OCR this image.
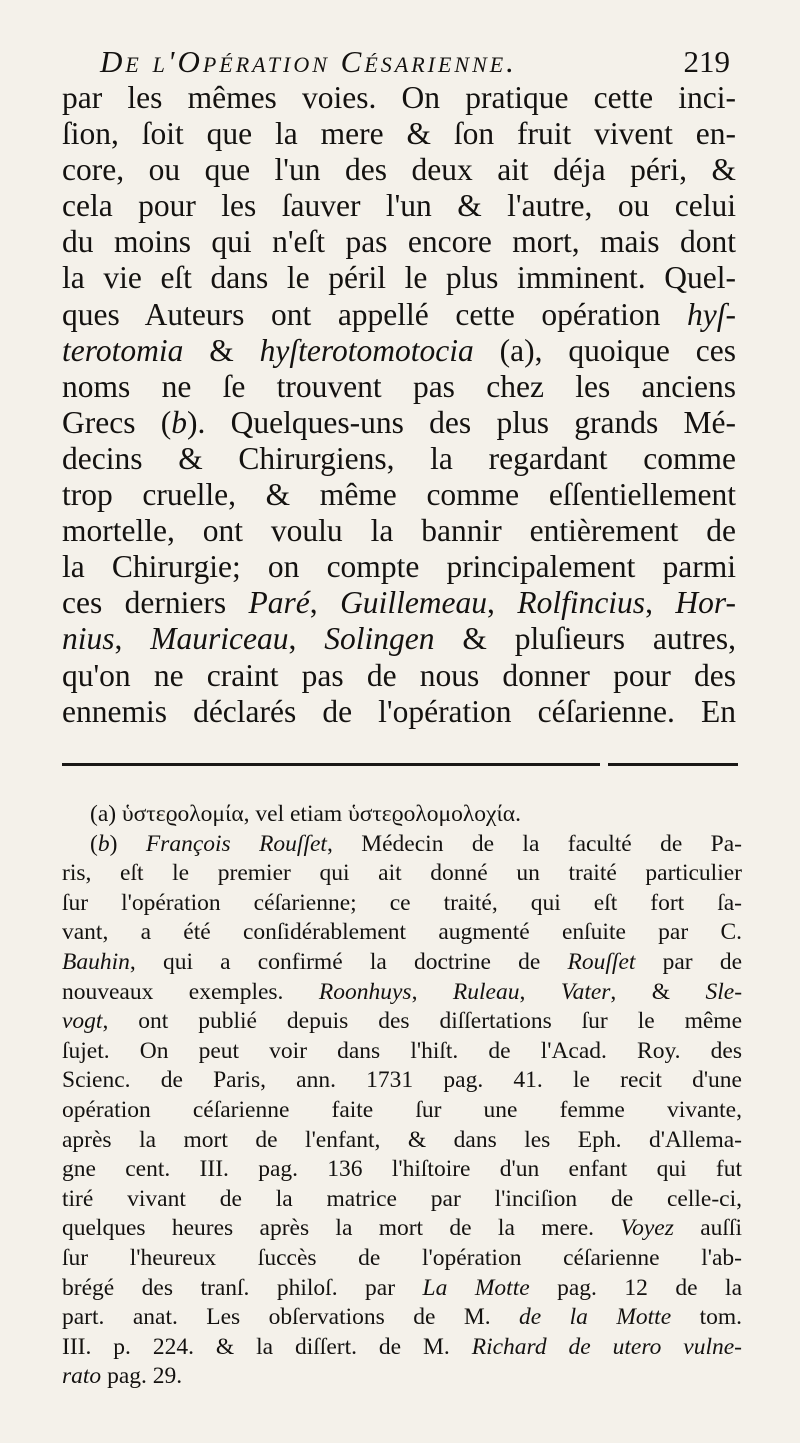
De l'Opération Césarienne.	219
par les mêmes voies. On pratique cette inci-
ſion, ſoit que la mere & ſon fruit vivent en-
core, ou que l'un des deux ait déja péri, &
cela pour les ſauver l'un & l'autre, ou celui
du moins qui n'eſt pas encore mort, mais dont
la vie eſt dans le péril le plus imminent. Quel-
ques Auteurs ont appellé cette opération hyſ-
terotomia & hyſterotomotocia (a), quoique ces
noms ne ſe trouvent pas chez les anciens
Grecs (b). Quelques-uns des plus grands Mé-
decins & Chirurgiens, la regardant comme
trop cruelle, & même comme eſſentiellement
mortelle, ont voulu la bannir entièrement de
la Chirurgie; on compte principalement parmi
ces derniers Paré, Guillemeau, Rolfincius, Hor-
nius, Mauriceau, Solingen & pluſieurs autres,
qu'on ne craint pas de nous donner pour des
ennemis déclarés de l'opération céſarienne. En
(a) ὑστεϱολομία, vel etiam ὑστεϱολομολοχία.
(b) François Rouſſet, Médecin de la faculté de Pa-
ris, eſt le premier qui ait donné un traité particulier
ſur l'opération céſarienne; ce traité, qui eſt fort ſa-
vant, a été conſidérablement augmenté enſuite par C.
Bauhin, qui a confirmé la doctrine de Rouſſet par de
nouveaux exemples. Roonhuys, Ruleau, Vater, & Sle-
vogt, ont publié depuis des diſſertations ſur le même
ſujet. On peut voir dans l'hiſt. de l'Acad. Roy. des
Scienc. de Paris, ann. 1731 pag. 41. le recit d'une
opération céſarienne faite ſur une femme vivante,
après la mort de l'enfant, & dans les Eph. d'Allema-
gne cent. III. pag. 136 l'hiſtoire d'un enfant qui fut
tiré vivant de la matrice par l'inciſion de celle-ci,
quelques heures après la mort de la mere. Voyez auſſi
ſur l'heureux ſuccès de l'opération céſarienne l'ab-
brégé des tranſ. philoſ. par La Motte pag. 12 de la
part. anat. Les obſervations de M. de la Motte tom.
III. p. 224. & la diſſert. de M. Richard de utero vulne-
rato pag. 29.
